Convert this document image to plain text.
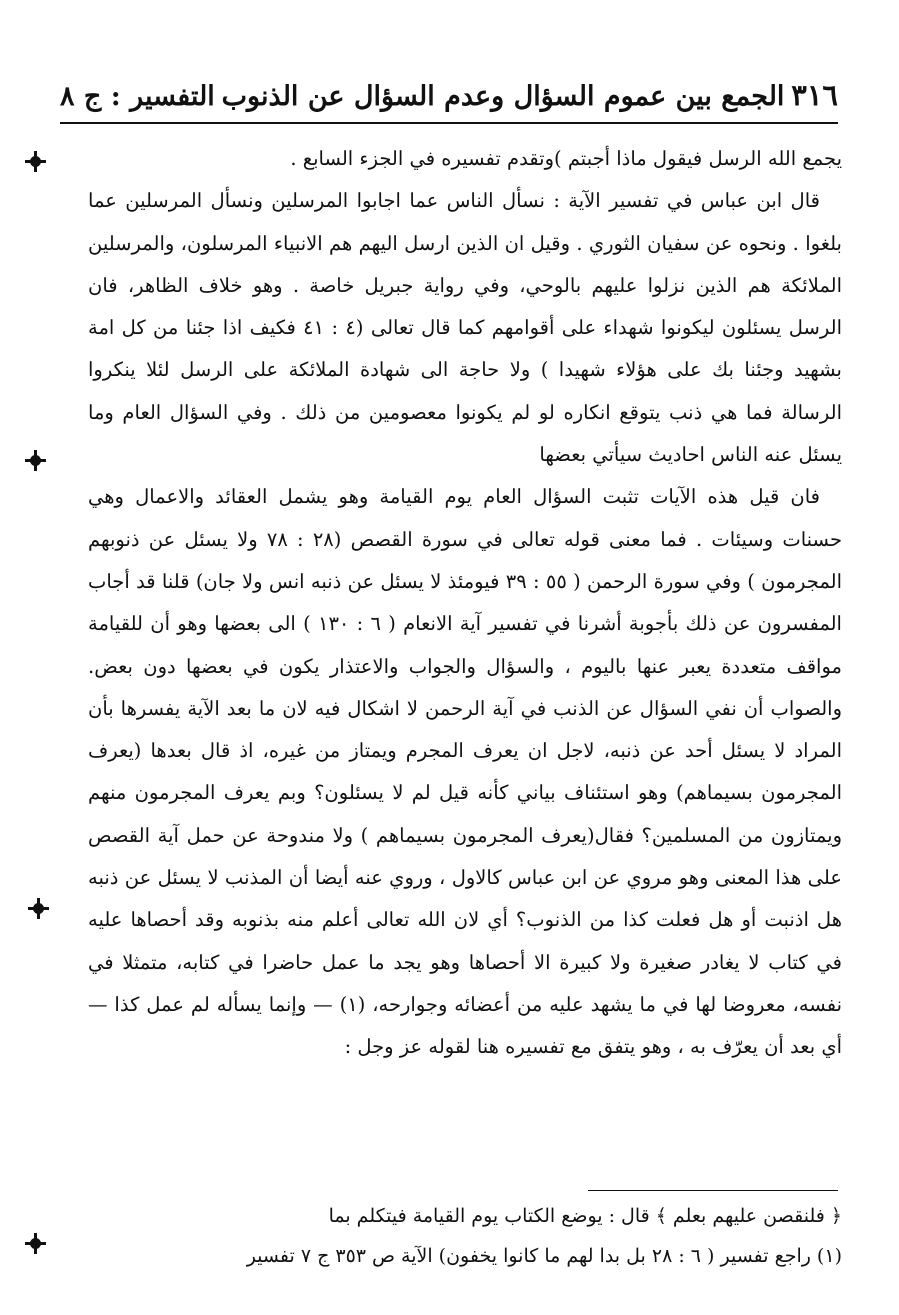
٣١٦
الجمع بين عموم السؤال وعدم السؤال عن الذنوب
التفسير : ج ٨

يجمع الله الرسل فيقول ماذا أجبتم )وتقدم تفسيره في الجزء السابع .

قال ابن عباس في تفسير الآية : نسأل الناس عما اجابوا المرسلين ونسأل المرسلين عما بلغوا . ونحوه عن سفيان الثوري . وقيل ان الذين ارسل اليهم هم الانبياء المرسلون، والمرسلين الملائكة هم الذين نزلوا عليهم بالوحي، وفي رواية جبريل خاصة . وهو خلاف الظاهر، فان الرسل يسئلون ليكونوا شهداء على أقوامهم كما قال تعالى (٤ : ٤١ فكيف اذا جئنا من كل امة بشهيد وجئنا بك على هؤلاء شهيدا ) ولا حاجة الى شهادة الملائكة على الرسل لئلا ينكروا الرسالة فما هي ذنب يتوقع انكاره لو لم يكونوا معصومين من ذلك . وفي السؤال العام وما يسئل عنه الناس احاديث سيأتي بعضها

فان قيل هذه الآيات تثبت السؤال العام يوم القيامة وهو يشمل العقائد والاعمال وهي حسنات وسيئات . فما معنى قوله تعالى في سورة القصص (٢٨ : ٧٨ ولا يسئل عن ذنوبهم المجرمون ) وفي سورة الرحمن ( ٥٥ : ٣٩ فيومئذ لا يسئل عن ذنبه انس ولا جان) قلنا قد أجاب المفسرون عن ذلك بأجوبة أشرنا في تفسير آية الانعام ( ٦ : ١٣٠ ) الى بعضها وهو أن للقيامة مواقف متعددة يعبر عنها باليوم ، والسؤال والجواب والاعتذار يكون في بعضها دون بعض. والصواب أن نفي السؤال عن الذنب في آية الرحمن لا اشكال فيه لان ما بعد الآية يفسرها بأن المراد لا يسئل أحد عن ذنبه، لاجل ان يعرف المجرم ويمتاز من غيره، اذ قال بعدها (يعرف المجرمون بسيماهم) وهو استئناف بياني كأنه قيل لم لا يسئلون؟ وبم يعرف المجرمون منهم ويمتازون من المسلمين؟ فقال(يعرف المجرمون بسيماهم ) ولا مندوحة عن حمل آية القصص على هذا المعنى وهو مروي عن ابن عباس كالاول ، وروي عنه أيضا أن المذنب لا يسئل عن ذنبه هل اذنبت أو هل فعلت كذا من الذنوب؟ أي لان الله تعالى أعلم منه بذنوبه وقد أحصاها عليه في كتاب لا يغادر صغيرة ولا كبيرة الا أحصاها وهو يجد ما عمل حاضرا في كتابه، متمثلا في نفسه، معروضا لها في ما يشهد عليه من أعضائه وجوارحه، (١) — وإنما يسأله لم عمل كذا — أي بعد أن يعرّف به ، وهو يتفق مع تفسيره هنا لقوله عز وجل :

﴿ فلنقصن عليهم بعلم ﴾ قال : يوضع الكتاب يوم القيامة فيتكلم بما
(١) راجع تفسير ( ٦ : ٢٨ بل بدا لهم ما كانوا يخفون) الآية ص ٣٥٣ ج ٧ تفسير
